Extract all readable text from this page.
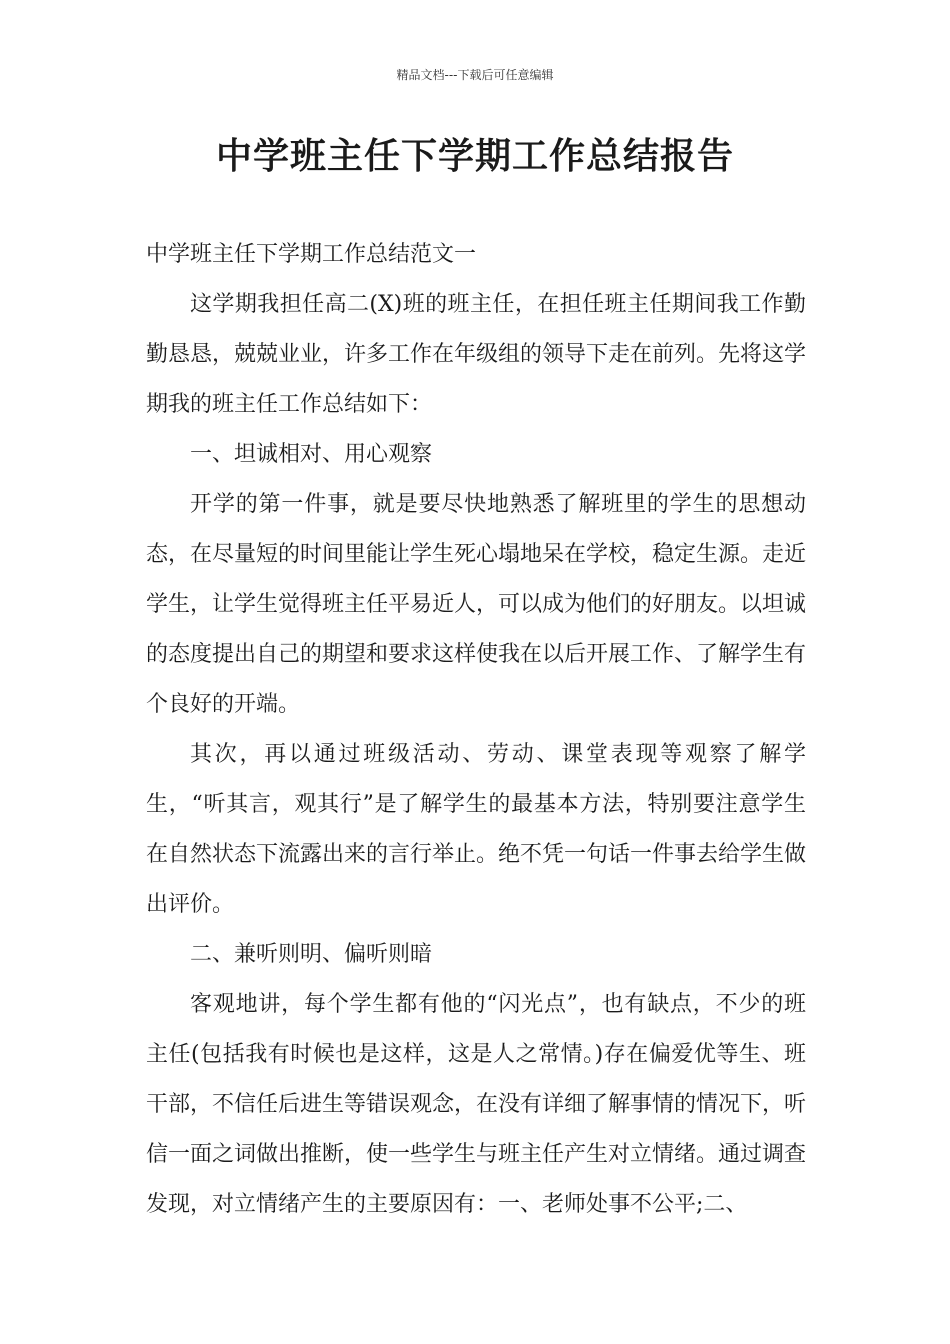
精品文档---下载后可任意编辑
中学班主任下学期工作总结报告

中学班主任下学期工作总结范文一

这学期我担任高二(X)班的班主任，在担任班主任期间我工作勤勤恳恳，兢兢业业，许多工作在年级组的领导下走在前列。先将这学期我的班主任工作总结如下：

一、坦诚相对、用心观察

开学的第一件事，就是要尽快地熟悉了解班里的学生的思想动态，在尽量短的时间里能让学生死心塌地呆在学校，稳定生源。走近学生，让学生觉得班主任平易近人，可以成为他们的好朋友。以坦诚的态度提出自己的期望和要求这样使我在以后开展工作、了解学生有个良好的开端。

其次，再以通过班级活动、劳动、课堂表现等观察了解学生，“听其言，观其行”是了解学生的最基本方法，特别要注意学生在自然状态下流露出来的言行举止。绝不凭一句话一件事去给学生做出评价。

二、兼听则明、偏听则暗

客观地讲，每个学生都有他的“闪光点”，也有缺点，不少的班主任(包括我有时候也是这样，这是人之常情。)存在偏爱优等生、班干部，不信任后进生等错误观念，在没有详细了解事情的情况下，听信一面之词做出推断，使一些学生与班主任产生对立情绪。通过调查发现，对立情绪产生的主要原因有：一、老师处事不公平;二、
